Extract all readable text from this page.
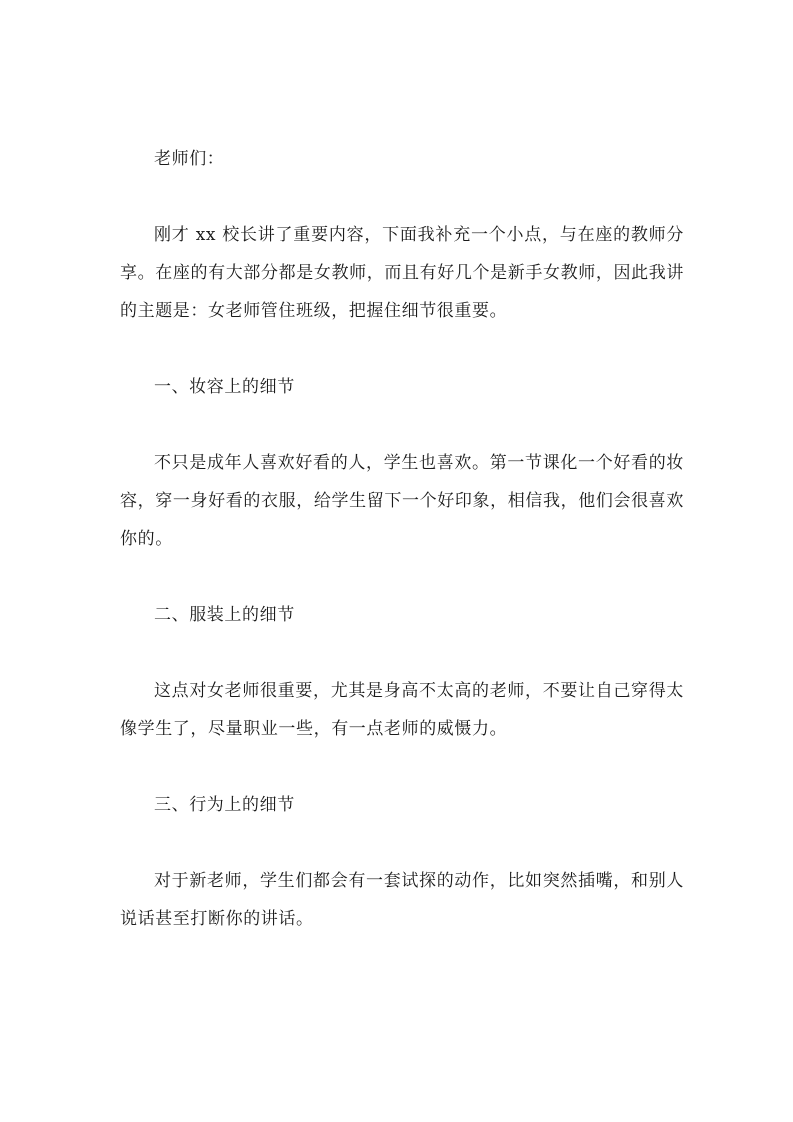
老师们：

刚才 xx 校长讲了重要内容，下面我补充一个小点，与在座的教师分享。在座的有大部分都是女教师，而且有好几个是新手女教师，因此我讲的主题是：女老师管住班级，把握住细节很重要。

一、妆容上的细节

不只是成年人喜欢好看的人，学生也喜欢。第一节课化一个好看的妆容，穿一身好看的衣服，给学生留下一个好印象，相信我，他们会很喜欢你的。

二、服装上的细节

这点对女老师很重要，尤其是身高不太高的老师，不要让自己穿得太像学生了，尽量职业一些，有一点老师的威慑力。

三、行为上的细节

对于新老师，学生们都会有一套试探的动作，比如突然插嘴，和别人说话甚至打断你的讲话。
